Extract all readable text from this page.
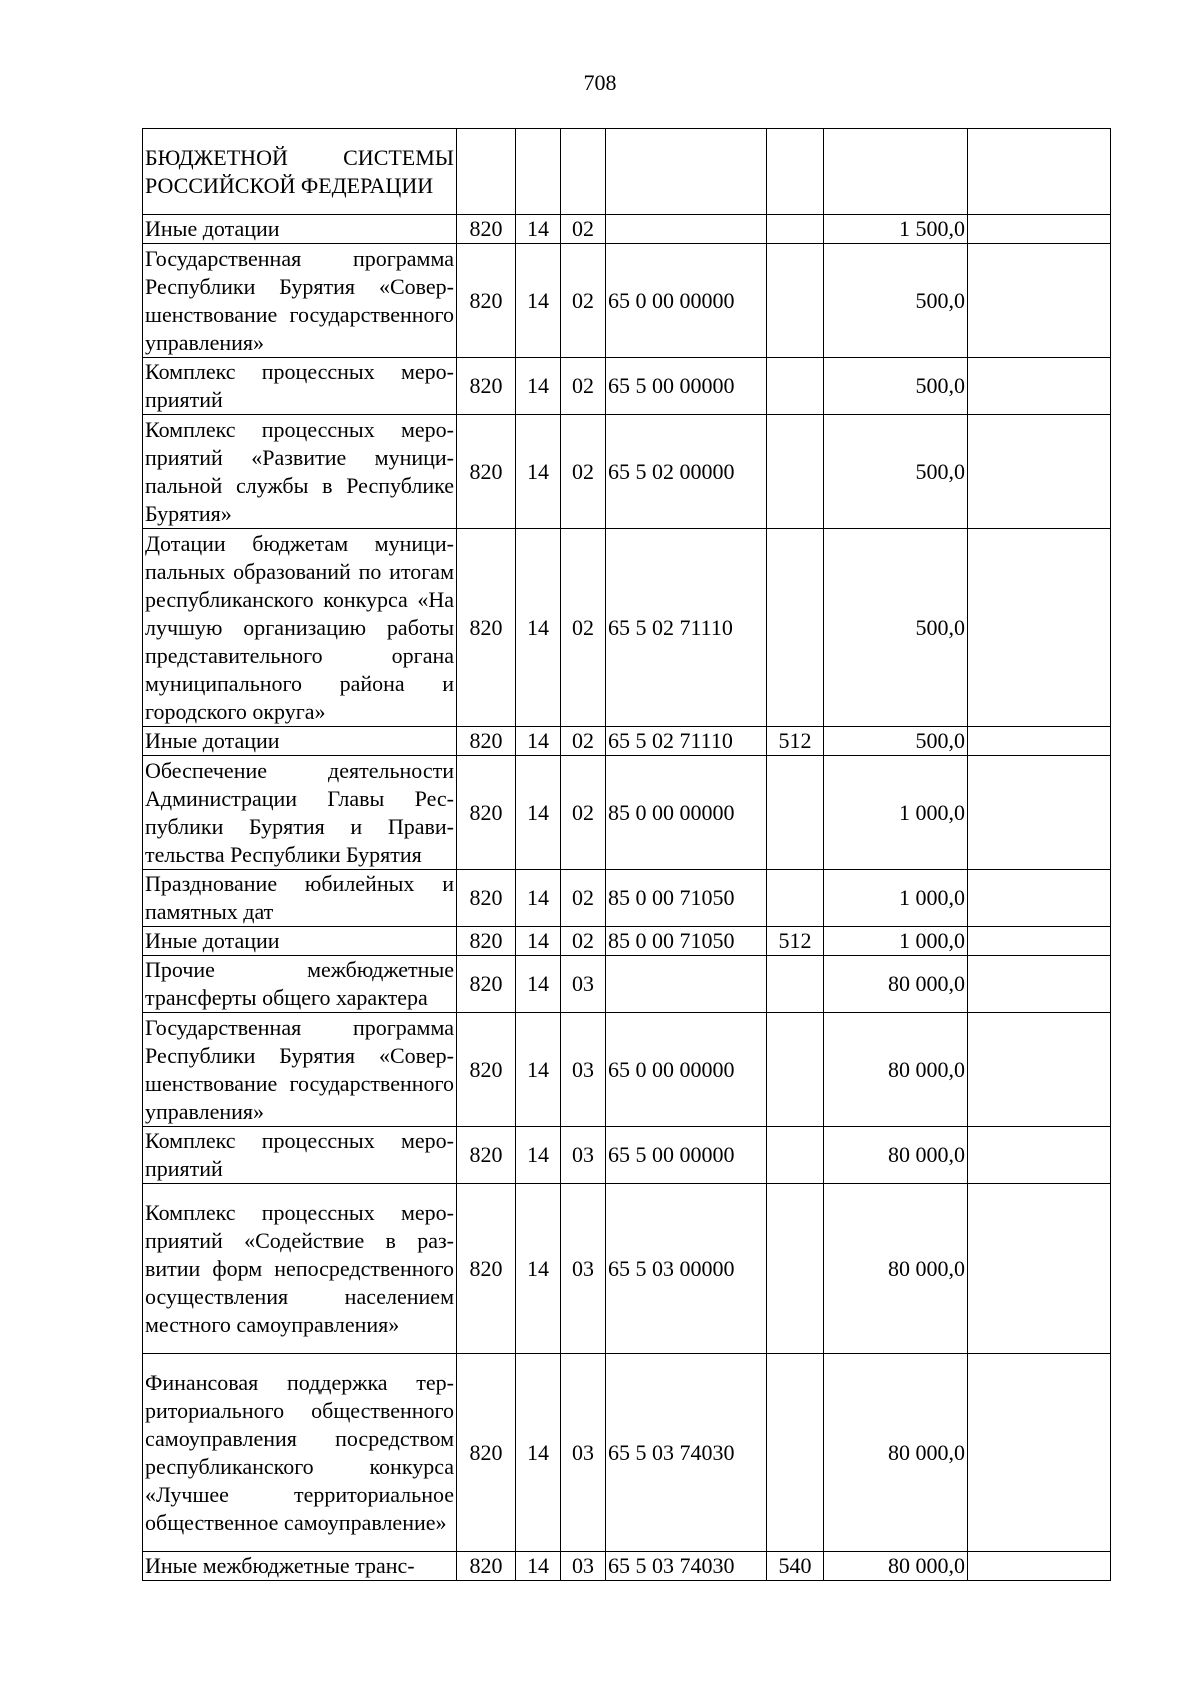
708
БЮДЖЕТНОЙ СИСТЕМЫ РОССИЙСКОЙ ФЕДЕРАЦИИ							
Иные дотации	820	14	02			1 500,0	
Государственная программа Республики Бурятия «Совершенствование государственного управления»	820	14	02	65 0 00 00000		500,0	
Комплекс процессных мероприятий	820	14	02	65 5 00 00000		500,0	
Комплекс процессных мероприятий «Развитие муниципальной службы в Республике Бурятия»	820	14	02	65 5 02 00000		500,0	
Дотации бюджетам муниципальных образований по итогам республиканского конкурса «На лучшую организацию работы представительного органа муниципального района и городского округа»	820	14	02	65 5 02 71110		500,0	
Иные дотации	820	14	02	65 5 02 71110	512	500,0	
Обеспечение деятельности Администрации Главы Республики Бурятия и Правительства Республики Бурятия	820	14	02	85 0 00 00000		1 000,0	
Празднование юбилейных и памятных дат	820	14	02	85 0 00 71050		1 000,0	
Иные дотации	820	14	02	85 0 00 71050	512	1 000,0	
Прочие межбюджетные трансферты общего характера	820	14	03			80 000,0	
Государственная программа Республики Бурятия «Совершенствование государственного управления»	820	14	03	65 0 00 00000		80 000,0	
Комплекс процессных мероприятий	820	14	03	65 5 00 00000		80 000,0	
Комплекс процессных мероприятий «Содействие в развитии форм непосредственного осуществления населением местного самоуправления»	820	14	03	65 5 03 00000		80 000,0	
Финансовая поддержка территориального общественного самоуправления посредством республиканского конкурса «Лучшее территориальное общественное самоуправление»	820	14	03	65 5 03 74030		80 000,0	
Иные межбюджетные транс-	820	14	03	65 5 03 74030	540	80 000,0	
